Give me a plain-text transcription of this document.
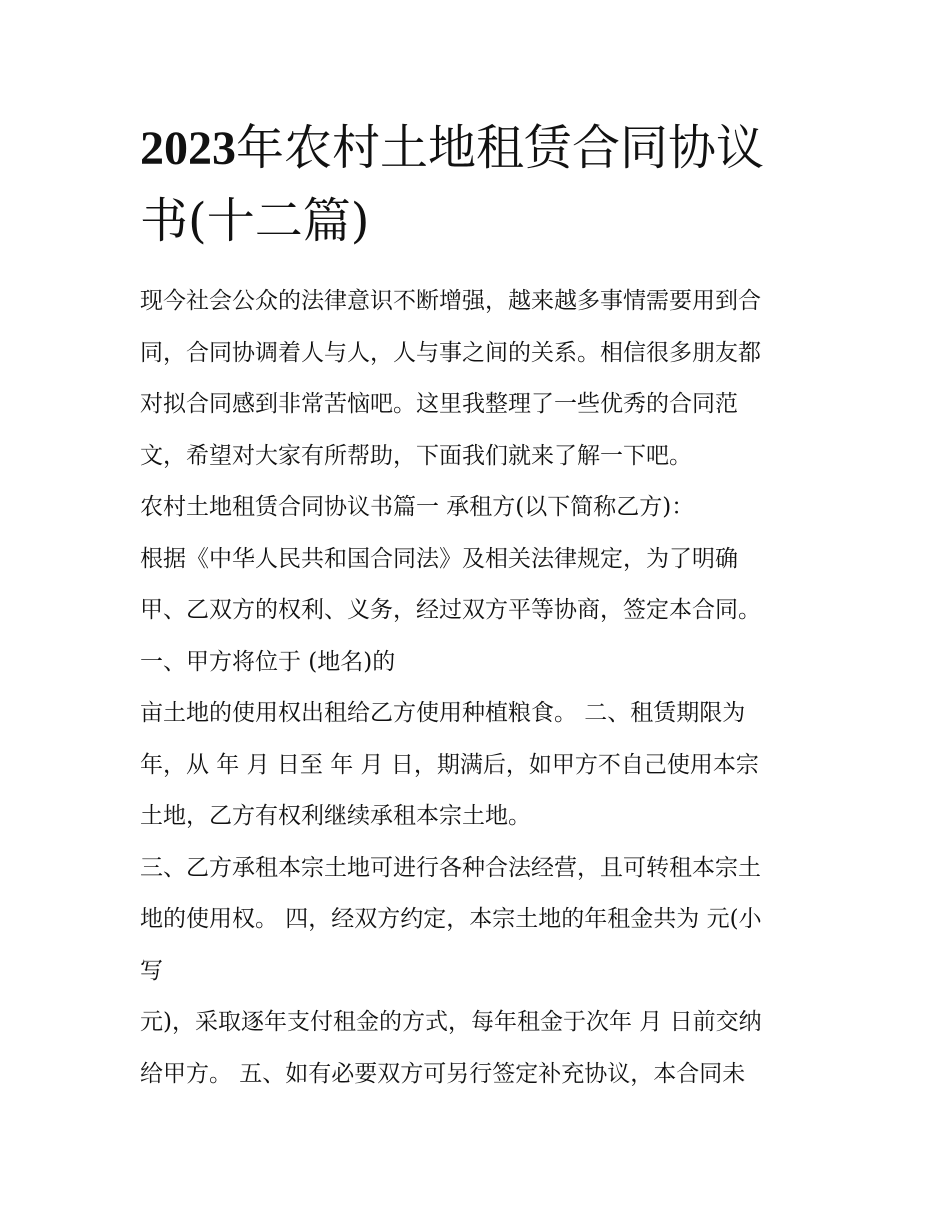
2023年农村土地租赁合同协议
书(十二篇)
现今社会公众的法律意识不断增强，越来越多事情需要用到合
同，合同协调着人与人，人与事之间的关系。相信很多朋友都
对拟合同感到非常苦恼吧。这里我整理了一些优秀的合同范
文，希望对大家有所帮助，下面我们就来了解一下吧。
农村土地租赁合同协议书篇一 承租方(以下简称乙方)：
根据《中华人民共和国合同法》及相关法律规定，为了明确
甲、乙双方的权利、义务，经过双方平等协商，签定本合同。
一、甲方将位于 (地名)的
亩土地的使用权出租给乙方使用种植粮食。 二、租赁期限为
年，从 年 月 日至 年 月 日，期满后，如甲方不自己使用本宗
土地，乙方有权利继续承租本宗土地。
三、乙方承租本宗土地可进行各种合法经营，且可转租本宗土
地的使用权。 四，经双方约定，本宗土地的年租金共为 元(小
写
元)，采取逐年支付租金的方式，每年租金于次年 月 日前交纳
给甲方。 五、如有必要双方可另行签定补充协议，本合同未
